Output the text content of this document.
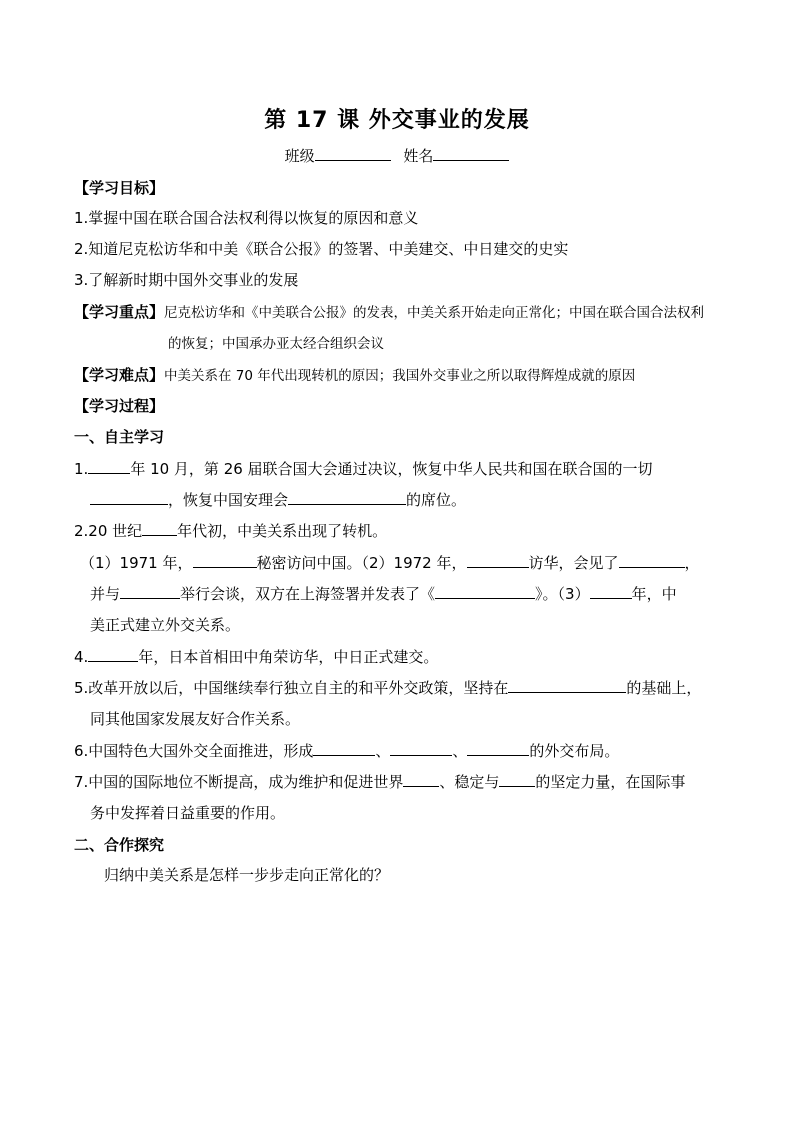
第 17 课 外交事业的发展
班级	姓名
【学习目标】
1.掌握中国在联合国合法权利得以恢复的原因和意义
2.知道尼克松访华和中美《联合公报》的签署、中美建交、中日建交的史实
3.了解新时期中国外交事业的发展
【学习重点】尼克松访华和《中美联合公报》的发表，中美关系开始走向正常化；中国在联合国合法权利
的恢复；中国承办亚太经合组织会议
【学习难点】中美关系在 70 年代出现转机的原因；我国外交事业之所以取得辉煌成就的原因
【学习过程】
一、自主学习
1.	年 10 月，第 26 届联合国大会通过决议，恢复中华人民共和国在联合国的一切
，恢复中国安理会	的席位。
2.20 世纪 年代初，中美关系出现了转机。
（1）1971 年，	秘密访问中国。（2）1972 年，	访华，会见了	，
并与	举行会谈，双方在上海签署并发表了《	》。（3）	年，中
美正式建立外交关系。
4.	年，日本首相田中角荣访华，中日正式建交。
5.改革开放以后，中国继续奉行独立自主的和平外交政策，坚持在	的基础上，
同其他国家发展友好合作关系。
6.中国特色大国外交全面推进，形成	、	、	的外交布局。
7.中国的国际地位不断提高，成为维护和促进世界 、稳定与 的坚定力量，在国际事
务中发挥着日益重要的作用。
二、合作探究
归纳中美关系是怎样一步步走向正常化的？
